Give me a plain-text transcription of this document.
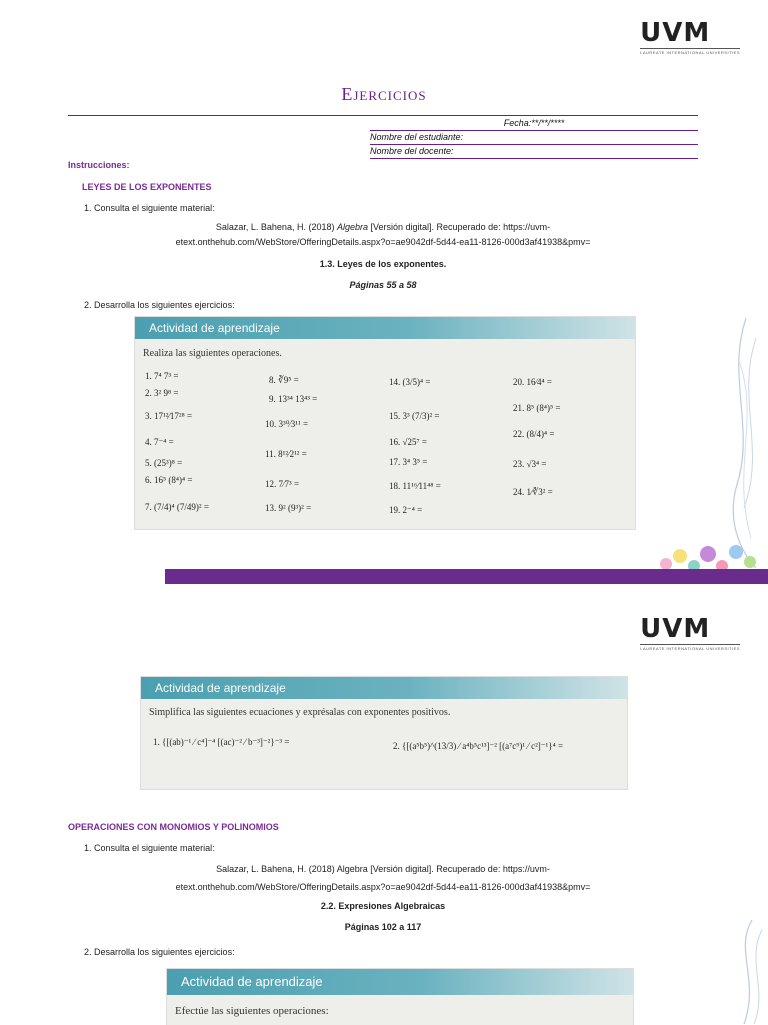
UVM
LAUREATE INTERNATIONAL UNIVERSITIES
Ejercicios
Fecha:**/**/****
Nombre del estudiante:
Nombre del docente:
Instrucciones:
LEYES DE LOS EXPONENTES
1. Consulta el siguiente material:
Salazar, L. Bahena, H. (2018) Algebra [Versión digital]. Recuperado de: https://uvm-
etext.onthehub.com/WebStore/OfferingDetails.aspx?o=ae9042df-5d44-ea11-8126-000d3af41938&pmv=
1.3. Leyes de los exponentes.
Páginas 55 a 58
2. Desarrolla los siguientes ejercicios:
Actividad de aprendizaje
Realiza las siguientes operaciones.
1. 7⁴ 7³ =
2. 3² 9⁸ =
3. 17¹²⁄17²⁸ =
4. 7⁻⁴ =
5. (25³)⁸ =
6. 16⁵ (8⁴)⁴ =
7. (7/4)⁴ (7/49)² =
8. ∛9⁵ =
9. 13³⁴ 13⁴³ =
10. 3³⁰⁄3¹¹ =
11. 8¹²⁄2¹² =
12. 7⁄7³ =
13. 9² (9³)² =
14. (3/5)⁴ =
15. 3³ (7/3)² =
16. √25⁷ =
17. 3⁴ 3⁵ =
18. 11¹⁶⁄11⁴⁸ =
19. 2⁻⁴ =
20. 16⁄4⁴ =
21. 8⁵ (8⁴)⁵ =
22. (8/4)⁴ =
23. √3⁴ =
24. 1⁄∛3² =
UVM
LAUREATE INTERNATIONAL UNIVERSITIES
Actividad de aprendizaje
Simplifica las siguientes ecuaciones y exprésalas con exponentes positivos.
1. {[(ab)⁻¹ ⁄ c⁴]⁻⁴ [(ac)⁻² ⁄ b⁻³]⁻²}⁻³ =	2. {[(a⁵b⁵)^(13/3) ⁄ a⁴b⁵c¹³]⁻² [(a⁷c⁹)¹ ⁄ c²]⁻¹}⁴ =
OPERACIONES CON MONOMIOS Y POLINOMIOS
1. Consulta el siguiente material:
Salazar, L. Bahena, H. (2018) Algebra [Versión digital]. Recuperado de: https://uvm-
etext.onthehub.com/WebStore/OfferingDetails.aspx?o=ae9042df-5d44-ea11-8126-000d3af41938&pmv=
2.2. Expresiones Algebraicas
Páginas 102 a 117
2. Desarrolla los siguientes ejercicios:
Actividad de aprendizaje
Efectúe las siguientes operaciones:
